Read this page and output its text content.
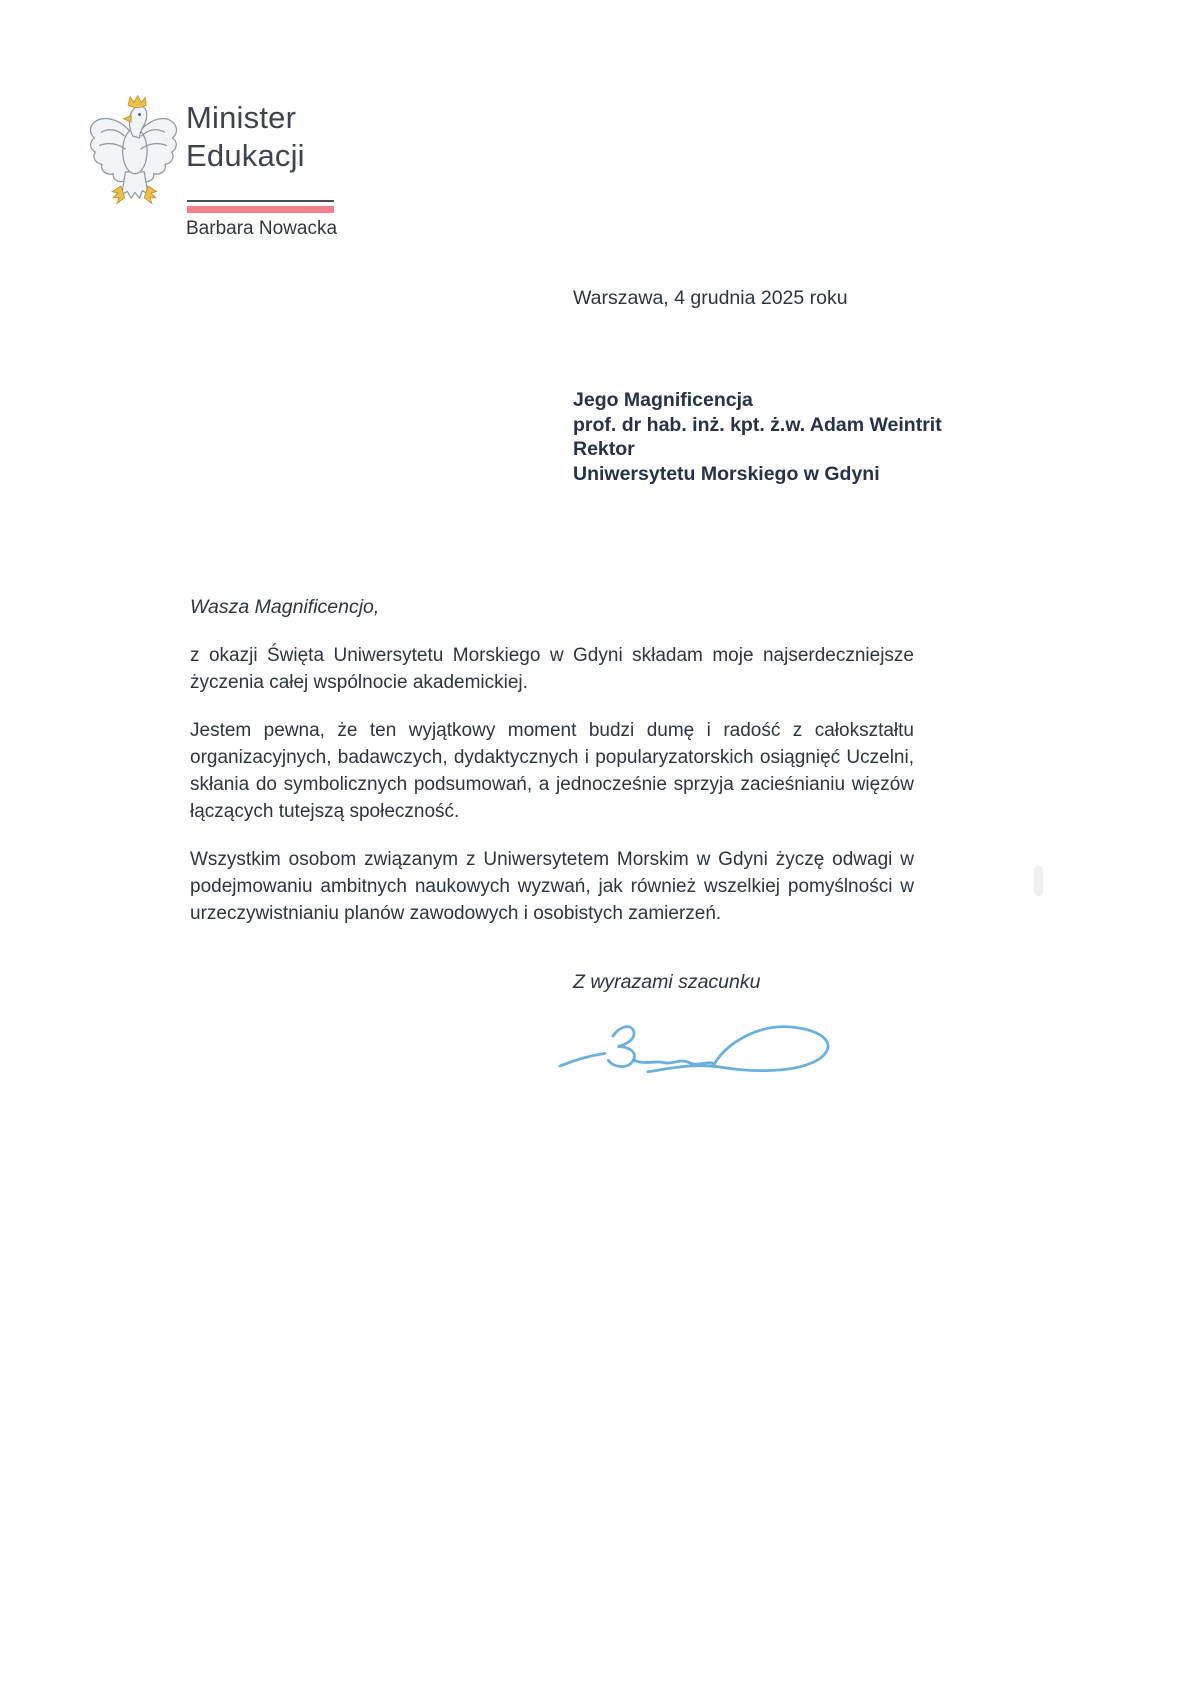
Minister
Edukacji
Barbara Nowacka
Warszawa, 4 grudnia 2025 roku
Jego Magnificencja
prof. dr hab. inż. kpt. ż.w. Adam Weintrit
Rektor
Uniwersytetu Morskiego w Gdyni
Wasza Magnificencjo,

z okazji Święta Uniwersytetu Morskiego w Gdyni składam moje najserdeczniejsze życzenia całej wspólnocie akademickiej.

Jestem pewna, że ten wyjątkowy moment budzi dumę i radość z całokształtu organizacyjnych, badawczych, dydaktycznych i popularyzatorskich osiągnięć Uczelni, skłania do symbolicznych podsumowań, a jednocześnie sprzyja zacieśnianiu więzów łączących tutejszą społeczność.

Wszystkim osobom związanym z Uniwersytetem Morskim w Gdyni życzę odwagi w podejmowaniu ambitnych naukowych wyzwań, jak również wszelkiej pomyślności w urzeczywistnianiu planów zawodowych i osobistych zamierzeń.

Z wyrazami szacunku
